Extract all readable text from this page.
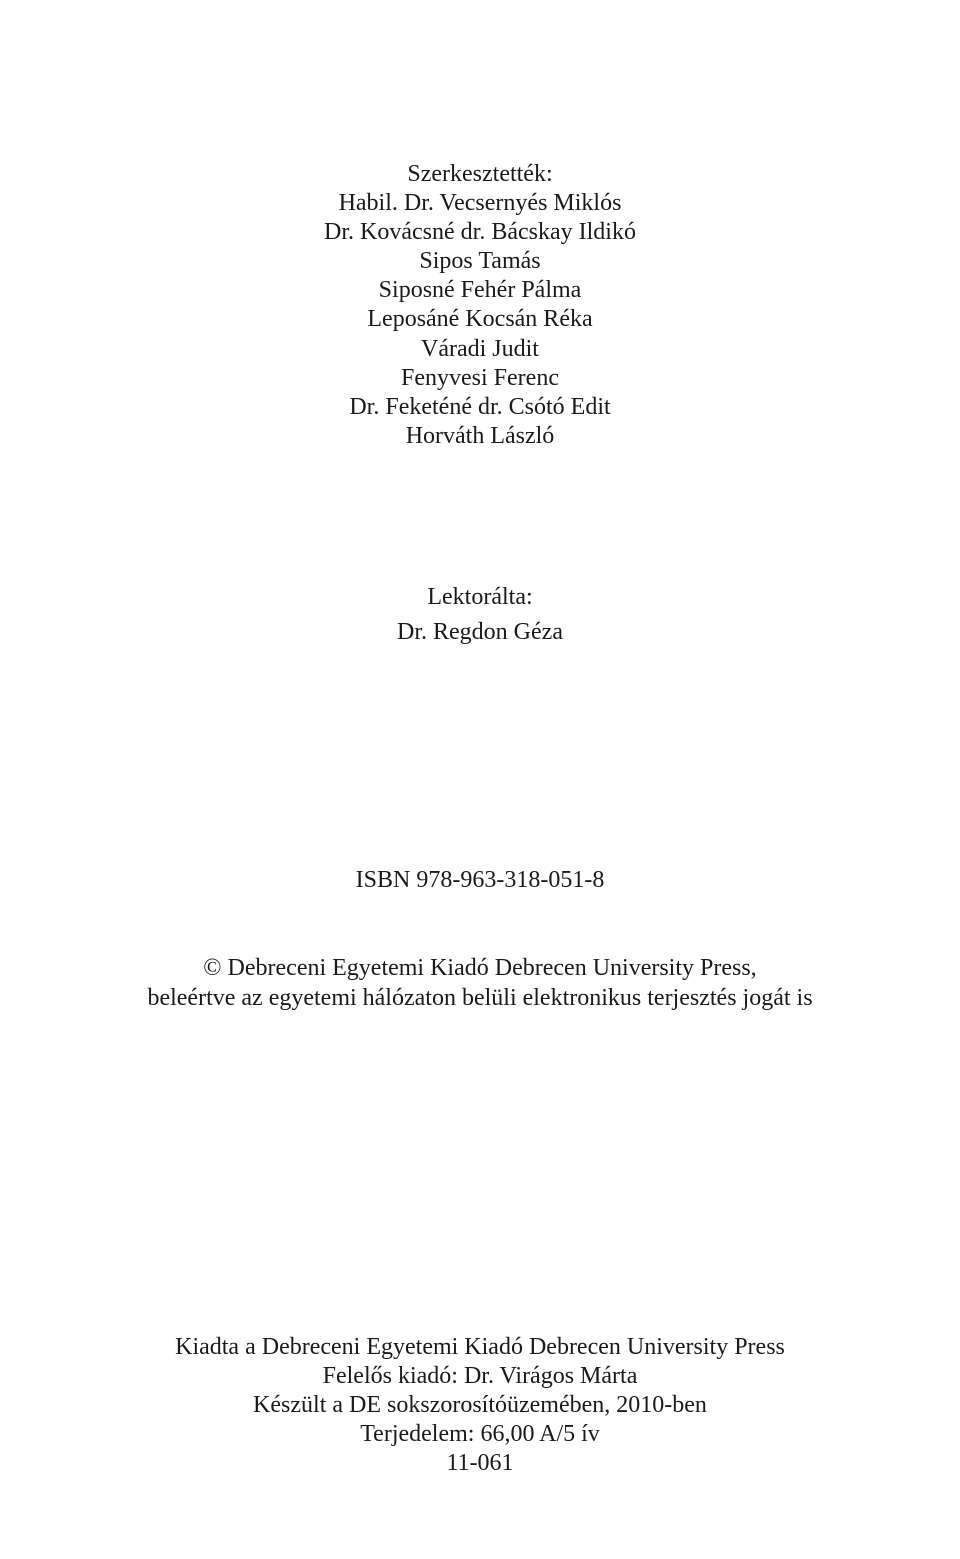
Szerkesztették:
Habil. Dr. Vecsernyés Miklós
Dr. Kovácsné dr. Bácskay Ildikó
Sipos Tamás
Siposné Fehér Pálma
Leposáné Kocsán Réka
Váradi Judit
Fenyvesi Ferenc
Dr. Feketéné dr. Csótó Edit
Horváth László
Lektorálta:
Dr. Regdon Géza
ISBN 978-963-318-051-8
© Debreceni Egyetemi Kiadó Debrecen University Press,
beleértve az egyetemi hálózaton belüli elektronikus terjesztés jogát is
Kiadta a Debreceni Egyetemi Kiadó Debrecen University Press
Felelős kiadó: Dr. Virágos Márta
Készült a DE sokszorosítóüzemében, 2010-ben
Terjedelem: 66,00 A/5 ív
11-061
